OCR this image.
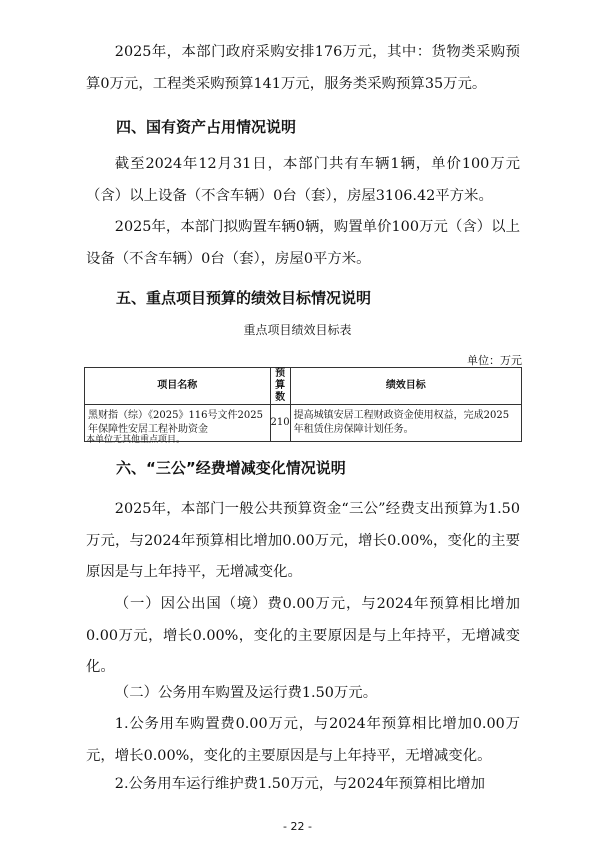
2025年，本部门政府采购安排176万元，其中：货物类采购预算0万元，工程类采购预算141万元，服务类采购预算35万元。

四、国有资产占用情况说明

截至2024年12月31日，本部门共有车辆1辆，单价100万元（含）以上设备（不含车辆）0台（套），房屋3106.42平方米。

2025年，本部门拟购置车辆0辆，购置单价100万元（含）以上设备（不含车辆）0台（套），房屋0平方米。

五、重点项目预算的绩效目标情况说明

重点项目绩效目标表

单位：万元

项目名称	预算数	绩效目标
黑财指（综）《2025》116号文件2025年保障性安居工程补助资金	210	提高城镇安居工程财政资金使用权益，完成2025年租赁住房保障计划任务。

本单位无其他重点项目。

六、“三公”经费增减变化情况说明

2025年，本部门一般公共预算资金“三公”经费支出预算为1.50万元，与2024年预算相比增加0.00万元，增长0.00%，变化的主要原因是与上年持平，无增减变化。

（一）因公出国（境）费0.00万元，与2024年预算相比增加0.00万元，增长0.00%，变化的主要原因是与上年持平，无增减变化。

（二）公务用车购置及运行费1.50万元。

1.公务用车购置费0.00万元，与2024年预算相比增加0.00万元，增长0.00%，变化的主要原因是与上年持平，无增减变化。

2.公务用车运行维护费1.50万元，与2024年预算相比增加

- 22 -
